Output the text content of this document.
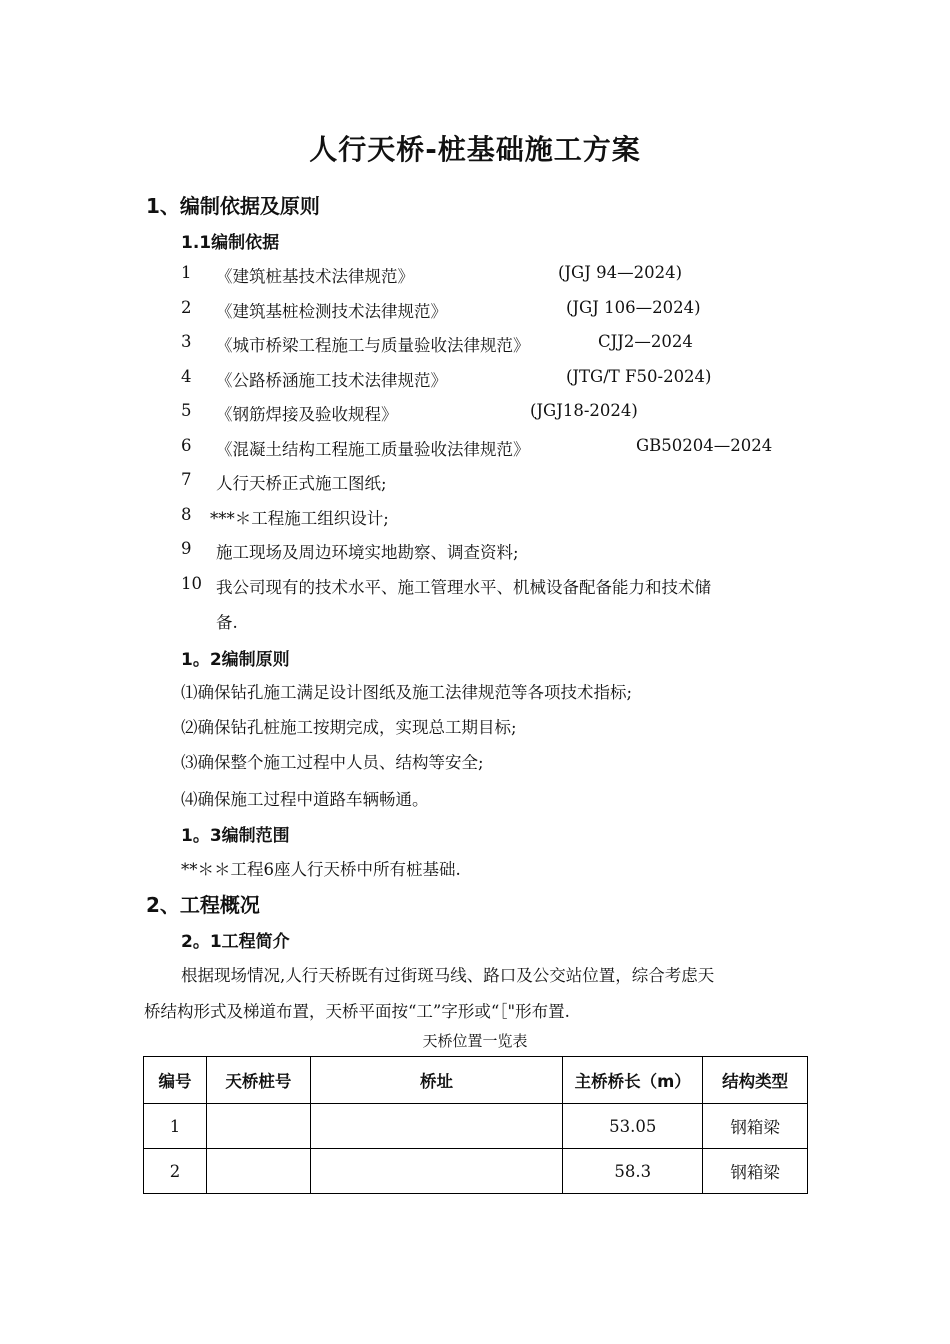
人行天桥-桩基础施工方案
1、编制依据及原则
1.1编制依据
1 《建筑桩基技术法律规范》	(JGJ 94—2024)
2 《建筑基桩检测技术法律规范》	(JGJ 106—2024)
3 《城市桥梁工程施工与质量验收法律规范》	CJJ2—2024
4 《公路桥涵施工技术法律规范》	(JTG/T F50-2024)
5 《钢筋焊接及验收规程》	(JGJ18-2024)
6 《混凝土结构工程施工质量验收法律规范》	GB50204—2024
7 人行天桥正式施工图纸;
8 ***＊工程施工组织设计;
9 施工现场及周边环境实地勘察、调查资料;
10 我公司现有的技术水平、施工管理水平、机械设备配备能力和技术储
备.
1。2编制原则
⑴确保钻孔施工满足设计图纸及施工法律规范等各项技术指标;
⑵确保钻孔桩施工按期完成，实现总工期目标;
⑶确保整个施工过程中人员、结构等安全;
⑷确保施工过程中道路车辆畅通。
1。3编制范围
**＊＊工程6座人行天桥中所有桩基础.
2、工程概况
2。1工程简介
根据现场情况,人行天桥既有过街斑马线、路口及公交站位置，综合考虑天
桥结构形式及梯道布置，天桥平面按“工”字形或“［"形布置.
天桥位置一览表
编号	天桥桩号	桥址	主桥桥长（m）	结构类型
1			53.05	钢箱梁
2			58.3	钢箱梁
